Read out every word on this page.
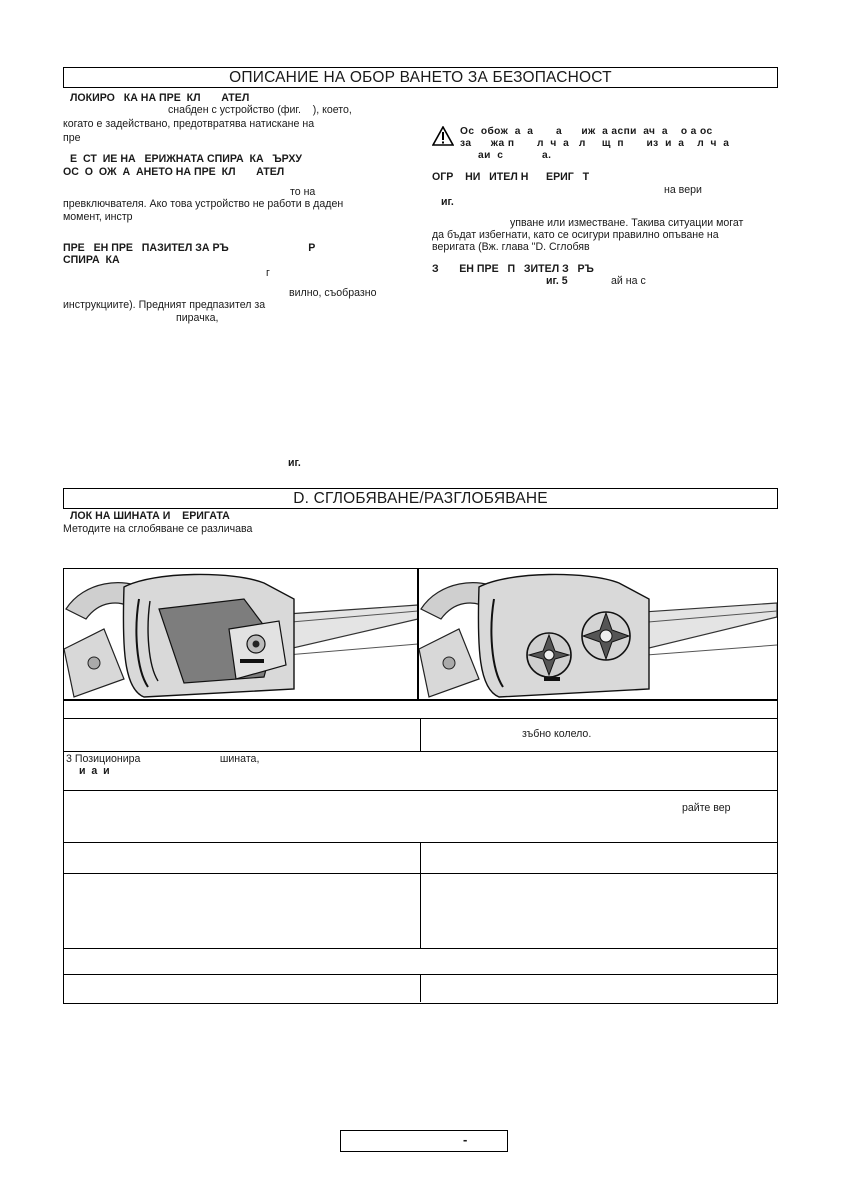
ОПИСАНИЕ НА ОБОР ВАНЕТО ЗА БЕЗОПАСНОСТ
ЛОКИРО   КА НА ПРЕ  КЛ       АТЕЛ
снабден с устройство (фиг.    ), което,
когато е задействано, предотвратява натискане на
пре
Е  СТ  ИЕ НА   ЕРИЖНАТА СПИРА  КА   ЪРХУ
ОС  О  ОЖ  А  АНЕТО НА ПРЕ  КЛ       АТЕЛ
то на
превключвателя. Ако това устройство не работи в даден
момент, инстр
ПРЕ   ЕН ПРЕ   ПАЗИТЕЛ ЗА РЪ                           Р
СПИРА  КА
г
вилно, съобразно
инструкциите). Предният предпазител за
пирачка,
иг.
Ос  обож  а  а       а      иж  а аспи  ач  а    о а ос
за      жа п       л  ч  а   л     щ  п       из  и  а    л  ч  а
аи  с            а.
ОГР    НИ   ИТЕЛ Н      ЕРИГ   Т
на вери
иг.
упване или изместване. Такива ситуации могат
да бъдат избегнати, като се осигури правилно опъване на
веригата (Вж. глава "D. Сглобяв
З       ЕН ПРЕ   П   ЗИТЕЛ З   РЪ
иг. 5	ай на с
D. СГЛОБЯВАНЕ/РАЗГЛОБЯВАНЕ
ЛОК НА ШИНАТА И    ЕРИГАТА
Методите на сглобяване се различава
зъбно колело.
3 Позициониpa                           шината,
и  а  и
райте вер
-
